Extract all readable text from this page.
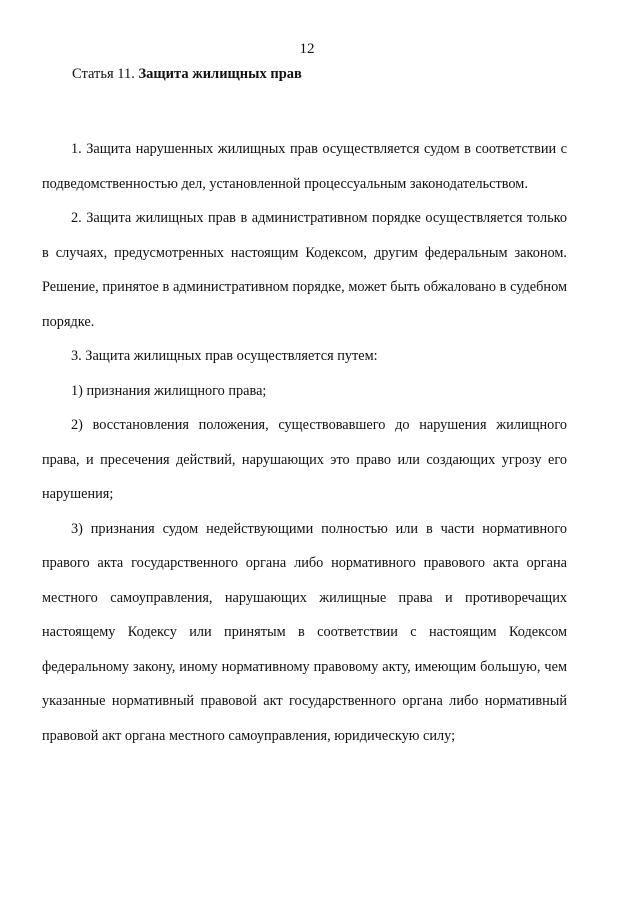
12
Статья 11. Защита жилищных прав

1. Защита нарушенных жилищных прав осуществляется судом в соответствии с подведомственностью дел, установленной процессуальным законодательством.

2. Защита жилищных прав в административном порядке осуществляется только в случаях, предусмотренных настоящим Кодексом, другим федеральным законом. Решение, принятое в административном порядке, может быть обжаловано в судебном порядке.

3. Защита жилищных прав осуществляется путем:

1) признания жилищного права;

2) восстановления положения, существовавшего до нарушения жилищного права, и пресечения действий, нарушающих это право или создающих угрозу его нарушения;

3) признания судом недействующими полностью или в части нормативного правого акта государственного органа либо нормативного правового акта органа местного самоуправления, нарушающих жилищные права и противоречащих настоящему Кодексу или принятым в соответствии с настоящим Кодексом федеральному закону, иному нормативному правовому акту, имеющим большую, чем указанные нормативный правовой акт государственного органа либо нормативный правовой акт органа местного самоуправления, юридическую силу;
